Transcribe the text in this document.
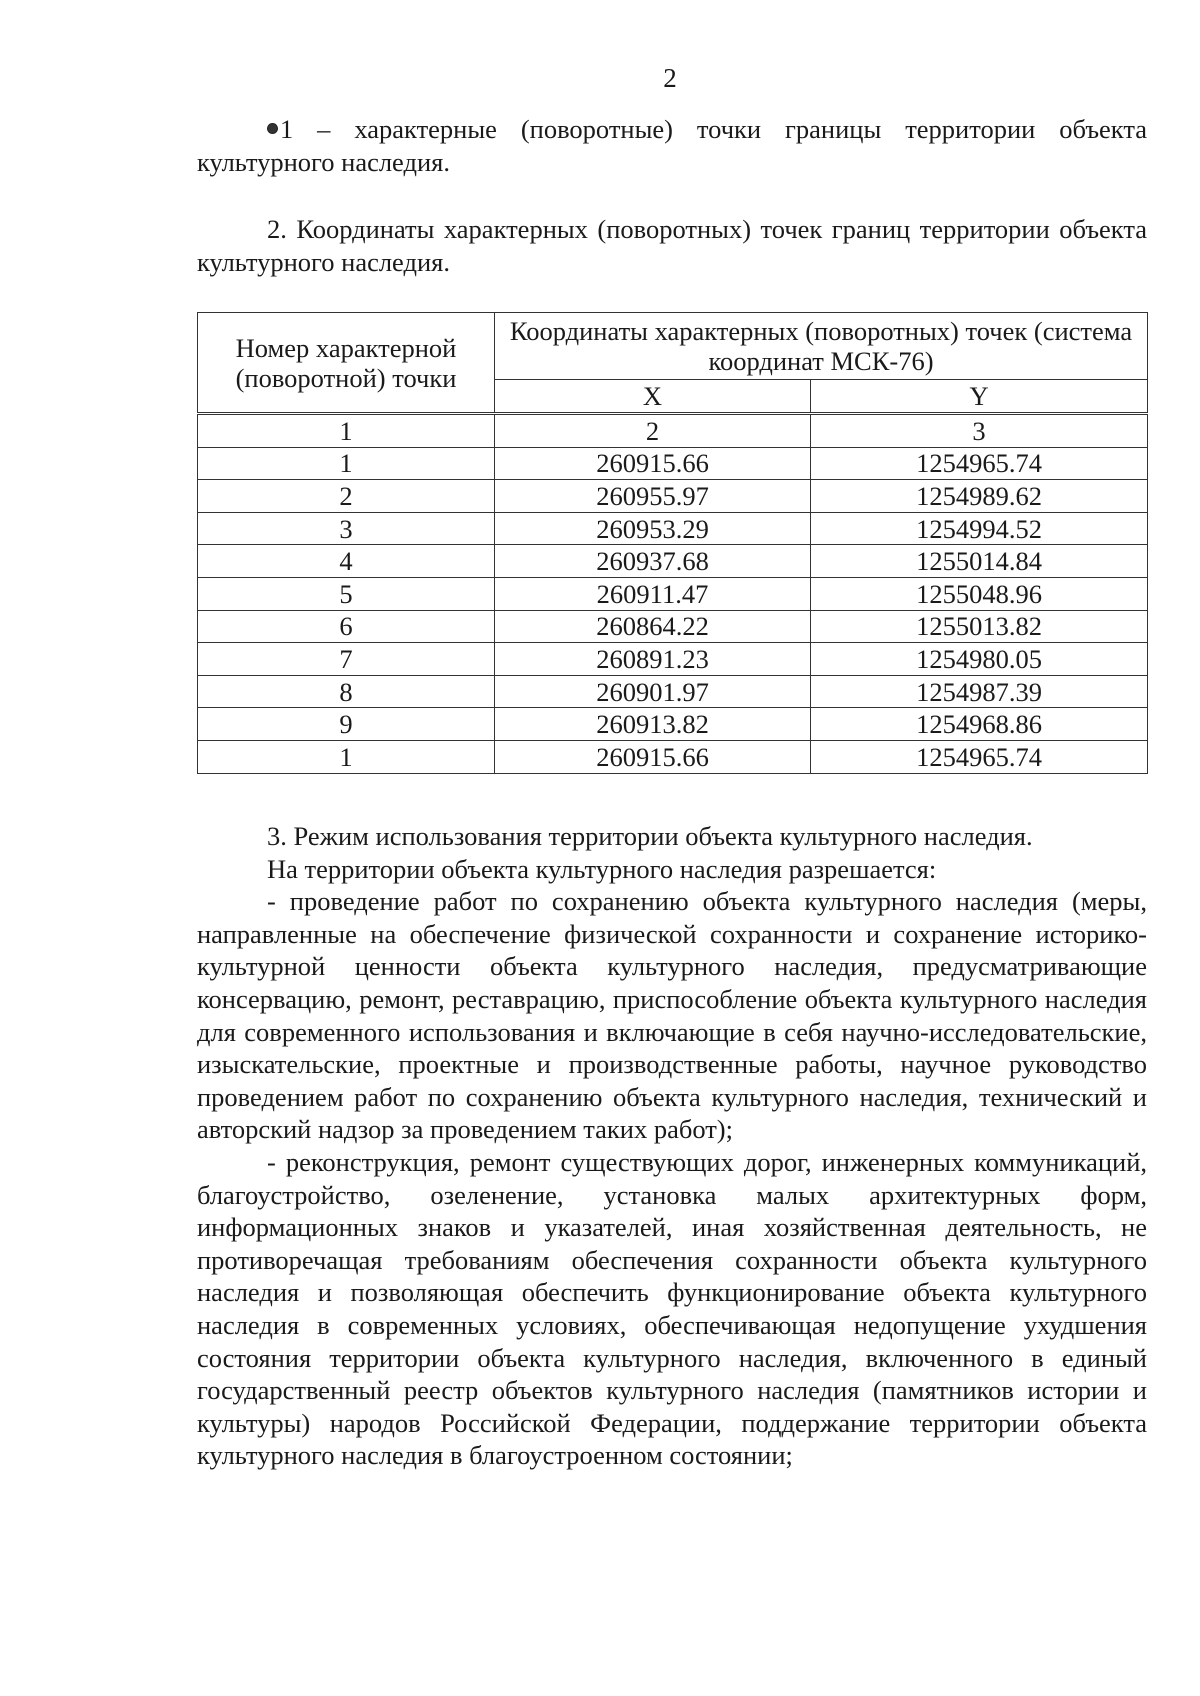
2

1 – характерные (поворотные) точки границы территории объекта культурного наследия.

2. Координаты характерных (поворотных) точек границ территории объекта культурного наследия.

Номер характерной (поворотной) точки	Координаты характерных (поворотных) точек (система координат МСК-76)	
	X	Y
1	2	3
1	260915.66	1254965.74
2	260955.97	1254989.62
3	260953.29	1254994.52
4	260937.68	1255014.84
5	260911.47	1255048.96
6	260864.22	1255013.82
7	260891.23	1254980.05
8	260901.97	1254987.39
9	260913.82	1254968.86
1	260915.66	1254965.74

3. Режим использования территории объекта культурного наследия.

На территории объекта культурного наследия разрешается:

- проведение работ по сохранению объекта культурного наследия (меры, направленные на обеспечение физической сохранности и сохранение историко-культурной ценности объекта культурного наследия, предусматривающие консервацию, ремонт, реставрацию, приспособление объекта культурного наследия для современного использования и включающие в себя научно-исследовательские, изыскательские, проектные и производственные работы, научное руководство проведением работ по сохранению объекта культурного наследия, технический и авторский надзор за проведением таких работ);

- реконструкция, ремонт существующих дорог, инженерных коммуникаций, благоустройство, озеленение, установка малых архитектурных форм, информационных знаков и указателей, иная хозяйственная деятельность, не противоречащая требованиям обеспечения сохранности объекта культурного наследия и позволяющая обеспечить функционирование объекта культурного наследия в современных условиях, обеспечивающая недопущение ухудшения состояния территории объекта культурного наследия, включенного в единый государственный реестр объектов культурного наследия (памятников истории и культуры) народов Российской Федерации, поддержание территории объекта культурного наследия в благоустроенном состоянии;
